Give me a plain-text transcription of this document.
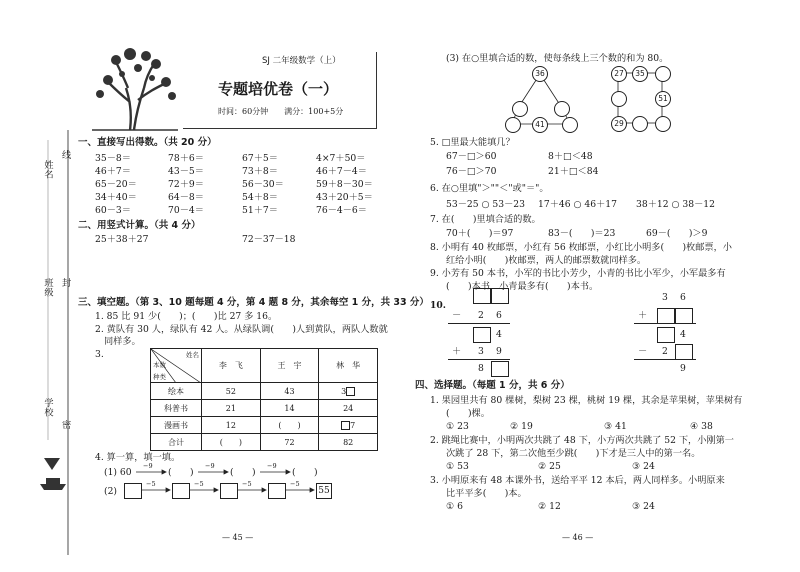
姓名
线
班级 封
学校
密
SJ 二年级数学（上）
专题培优卷（一）
时间：60分钟　　满分：100+5分
一、直接写出得数。（共 20 分）
35－8＝	78＋6＝	67＋5＝	4×7＋50＝
46＋7＝	43－5＝	73＋8＝	46＋7－4＝
65－20＝	72＋9＝	56－30＝	59＋8－30＝
34＋40＝	64－8＝	54＋8＝	43＋20＋5＝
60－3＝	70－4＝	51＋7＝	76－4－6＝
二、用竖式计算。（共 4 分）
25＋38＋27	72－37－18
三、填空题。（第 3、10 题每题 4 分，第 4 题 8 分，其余每空 1 分，共 33 分）
1. 85 比 91 少(　　)；(　　)比 27 多 16。
2. 黄队有 30 人，绿队有 42 人。从绿队调(　　)人到黄队，两队人数就
同样多。
3.	姓名
本数
种类	李　飞	王　宇	林　华
绘本	52	43	3
科普书	21	14	24
漫画书	12	(　　)	7
合计	(　　)	72	82
4. 算一算，填一填。
(1) 60
−9	−9	−9
(　　)	(　　)	(　　)
(2)
−5	−5	−5	−5
55
— 45 —
(3) 在○里填合适的数，使每条线上三个数的和为 80。
36
41
27	35
51
29
5. □里最大能填几？
67－□＞60	8＋□＜48
76－□＞70	21＋□＜84
6. 在○里填"＞""＜"或"＝"。
53－25 ○ 53－23 17＋46 ○ 46＋17 38＋12 ○ 38－12
7. 在(　　)里填合适的数。
70＋(　　)＝97	83－(　　)＝23	69－(　　)＞9
8. 小明有 40 枚邮票，小红有 56 枚邮票，小红比小明多(　　)枚邮票，小
红给小明(　　)枚邮票，两人的邮票数就同样多。
9. 小芳有 50 本书，小军的书比小芳少，小青的书比小军少，小军最多有
(　　)本书，小青最多有(　　)本书。
10.
－ 2 6
4
＋ 3 9
8
3 6
＋
4
－ 2
9
四、选择题。（每题 1 分，共 6 分）
1. 果园里共有 80 棵树，梨树 23 棵，桃树 19 棵，其余是苹果树，苹果树有
(　　)棵。
① 23	② 19	③ 41	④ 38
2. 跳绳比赛中，小明两次共跳了 48 下，小方两次共跳了 52 下，小刚第一
次跳了 28 下，第二次他至少跳(　　)下才是三人中的第一名。
① 53	② 25	③ 24
3. 小明原来有 48 本课外书，送给平平 12 本后，两人同样多。小明原来
比平平多(　　)本。
① 6	② 12	③ 24
— 46 —
